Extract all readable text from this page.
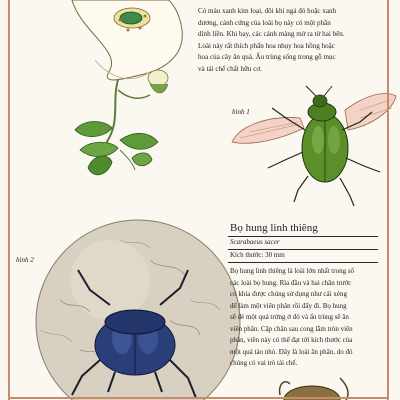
Có màu xanh kim loại, đôi khi ngả đỏ hoặc xanh

dương, cánh cứng của loài bọ này có một phần

dính liền. Khi bay, các cánh màng mở ra từ hai bên.

Loài này rất thích phấn hoa nhụy hoa hồng hoặc

hoa của cây ăn quả. Ấu trùng sống trong gỗ mục

và tái chế chất hữu cơ.

hình 1
Bọ hung linh thiêng
Scarabaeus sacer
Kích thước: 30 mm
Bọ hung linh thiêng là loài lớn nhất trong số
các loài bọ hung. Rìa đầu và hai chân trước
có khía được chúng sử dụng như cái xẻng
để làm một viên phân rồi đẩy đi. Bọ hung
sẽ đẻ một quả trứng ở đó và ấu trùng sẽ ăn
viên phân. Cặp chân sau cong lắm tròn viên
phân, viên này có thể đạt tới kích thước của
một quả táo nhỏ. Đây là loài ăn phân, do đó
chúng có vai trò tái chế.
hình 2
